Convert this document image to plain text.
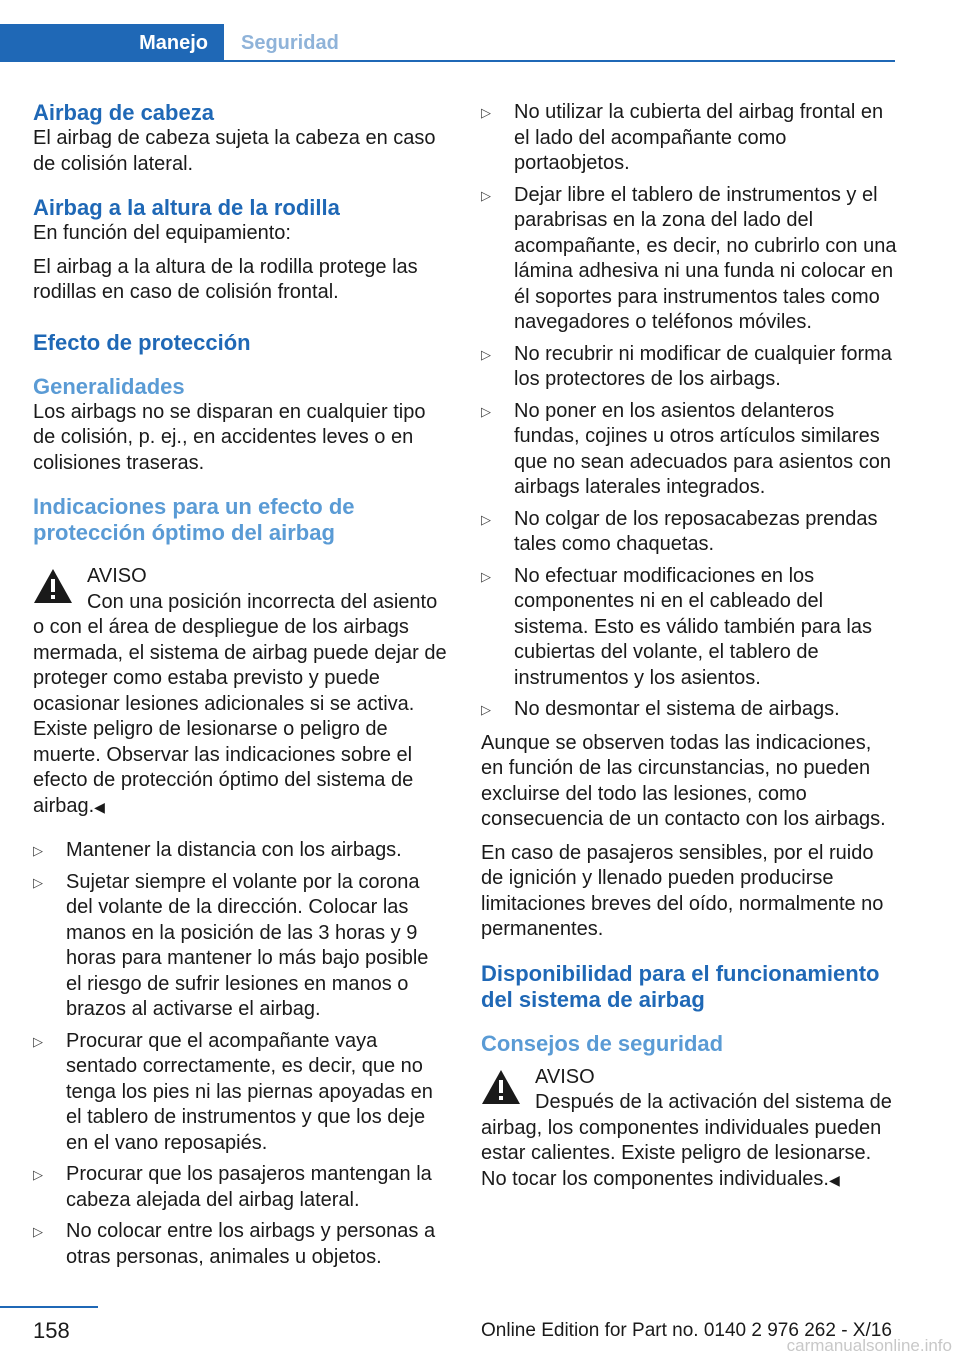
Manejo	Seguridad
Airbag de cabeza

El airbag de cabeza sujeta la cabeza en caso de colisión lateral.

Airbag a la altura de la rodilla

En función del equipamiento:

El airbag a la altura de la rodilla protege las rodillas en caso de colisión frontal.

Efecto de protección
Generalidades

Los airbags no se disparan en cualquier tipo de colisión, p. ej., en accidentes leves o en colisiones traseras.

Indicaciones para un efecto de protección óptimo del airbag

AVISO

Con una posición incorrecta del asiento o con el área de despliegue de los airbags mermada, el sistema de airbag puede dejar de proteger como estaba previsto y puede ocasionar lesiones adicionales si se activa. Existe peligro de lesionarse o peligro de muerte. Observar las indicaciones sobre el efecto de protección óptimo del sistema de airbag.◀

▷ Mantener la distancia con los airbags.
▷ Sujetar siempre el volante por la corona del volante de la dirección. Colocar las manos en la posición de las 3 horas y 9 horas para mantener lo más bajo posible el riesgo de sufrir lesiones en manos o brazos al activarse el airbag.
▷ Procurar que el acompañante vaya sentado correctamente, es decir, que no tenga los pies ni las piernas apoyadas en el tablero de instrumentos y que los deje en el vano reposapiés.
▷ Procurar que los pasajeros mantengan la cabeza alejada del airbag lateral.
▷ No colocar entre los airbags y personas a otras personas, animales u objetos.
▷ No utilizar la cubierta del airbag frontal en el lado del acompañante como portaobjetos.
▷ Dejar libre el tablero de instrumentos y el parabrisas en la zona del lado del acompañante, es decir, no cubrirlo con una lámina adhesiva ni una funda ni colocar en él soportes para instrumentos tales como navegadores o teléfonos móviles.
▷ No recubrir ni modificar de cualquier forma los protectores de los airbags.
▷ No poner en los asientos delanteros fundas, cojines u otros artículos similares que no sean adecuados para asientos con airbags laterales integrados.
▷ No colgar de los reposacabezas prendas tales como chaquetas.
▷ No efectuar modificaciones en los componentes ni en el cableado del sistema. Esto es válido también para las cubiertas del volante, el tablero de instrumentos y los asientos.
▷ No desmontar el sistema de airbags.

Aunque se observen todas las indicaciones, en función de las circunstancias, no pueden excluirse del todo las lesiones, como consecuencia de un contacto con los airbags.

En caso de pasajeros sensibles, por el ruido de ignición y llenado pueden producirse limitaciones breves del oído, normalmente no permanentes.

Disponibilidad para el funcionamiento del sistema de airbag
Consejos de seguridad

AVISO

Después de la activación del sistema de airbag, los componentes individuales pueden estar calientes. Existe peligro de lesionarse. No tocar los componentes individuales.◀

158	Online Edition for Part no. 0140 2 976 262 - X/16
carmanualsonline.info
